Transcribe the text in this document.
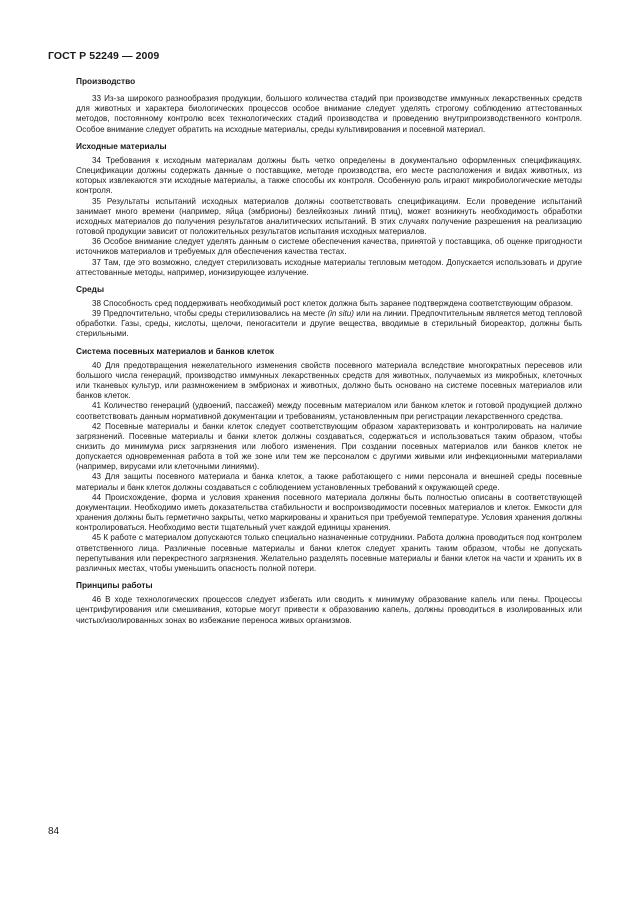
ГОСТ Р 52249 — 2009
Производство

33 Из-за широкого разнообразия продукции, большого количества стадий при производстве иммунных лекарственных средств для животных и характера биологических процессов особое внимание следует уделять строгому соблюдению аттестованных методов, постоянному контролю всех технологических стадий производства и проведению внутрипроизводственного контроля. Особое внимание следует обратить на исходные материалы, среды культивирования и посевной материал.

Исходные материалы

34 Требования к исходным материалам должны быть четко определены в документально оформленных спецификациях. Спецификации должны содержать данные о поставщике, методе производства, его месте расположения и видах животных, из которых извлекаются эти исходные материалы, а также способы их контроля. Особенную роль играют микробиологические методы контроля.

35 Результаты испытаний исходных материалов должны соответствовать спецификациям. Если проведение испытаний занимает много времени (например, яйца (эмбрионы) безлейкозных линий птиц), может возникнуть необходимость обработки исходных материалов до получения результатов аналитических испытаний. В этих случаях получение разрешения на реализацию готовой продукции зависит от положительных результатов испытания исходных материалов.

36 Особое внимание следует уделять данным о системе обеспечения качества, принятой у поставщика, об оценке пригодности источников материалов и требуемых для обеспечения качества тестах.

37 Там, где это возможно, следует стерилизовать исходные материалы тепловым методом. Допускается использовать и другие аттестованные методы, например, ионизирующее излучение.

Среды

38 Способность сред поддерживать необходимый рост клеток должна быть заранее подтверждена соответствующим образом.

39 Предпочтительно, чтобы среды стерилизовались на месте (in situ) или на линии. Предпочтительным является метод тепловой обработки. Газы, среды, кислоты, щелочи, пеногасители и другие вещества, вводимые в стерильный биореактор, должны быть стерильными.

Система посевных материалов и банков клеток

40 Для предотвращения нежелательного изменения свойств посевного материала вследствие многократных пересевов или большого числа генераций, производство иммунных лекарственных средств для животных, получаемых из микробных, клеточных или тканевых культур, или размножением в эмбрионах и животных, должно быть основано на системе посевных материалов или банков клеток.

41 Количество генераций (удвоений, пассажей) между посевным материалом или банком клеток и готовой продукцией должно соответствовать данным нормативной документации и требованиям, установленным при регистрации лекарственного средства.

42 Посевные материалы и банки клеток следует соответствующим образом характеризовать и контролировать на наличие загрязнений. Посевные материалы и банки клеток должны создаваться, содержаться и использоваться таким образом, чтобы снизить до минимума риск загрязнения или любого изменения. При создании посевных материалов или банков клеток не допускается одновременная работа в той же зоне или тем же персоналом с другими живыми или инфекционными материалами (например, вирусами или клеточными линиями).

43 Для защиты посевного материала и банка клеток, а также работающего с ними персонала и внешней среды посевные материалы и банк клеток должны создаваться с соблюдением установленных требований к окружающей среде.

44 Происхождение, форма и условия хранения посевного материала должны быть полностью описаны в соответствующей документации. Необходимо иметь доказательства стабильности и воспроизводимости посевных материалов и клеток. Емкости для хранения должны быть герметично закрыты, четко маркированы и храниться при требуемой температуре. Условия хранения должны контролироваться. Необходимо вести тщательный учет каждой единицы хранения.

45 К работе с материалом допускаются только специально назначенные сотрудники. Работа должна проводиться под контролем ответственного лица. Различные посевные материалы и банки клеток следует хранить таким образом, чтобы не допускать перепутывания или перекрестного загрязнения. Желательно разделять посевные материалы и банки клеток на части и хранить их в различных местах, чтобы уменьшить опасность полной потери.

Принципы работы

46 В ходе технологических процессов следует избегать или сводить к минимуму образование капель или пены. Процессы центрифугирования или смешивания, которые могут привести к образованию капель, должны проводиться в изолированных или чистых/изолированных зонах во избежание переноса живых организмов.

84
